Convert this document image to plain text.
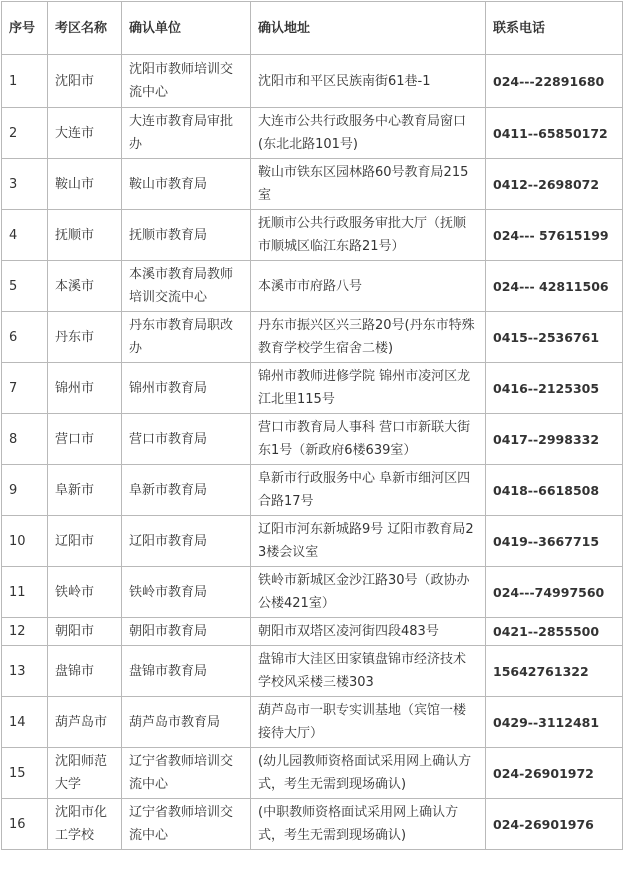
序号	考区名称	确认单位	确认地址	联系电话
1	沈阳市	沈阳市教师培训交流中心	沈阳市和平区民族南街61巷-1	024---22891680
2	大连市	大连市教育局审批办	大连市公共行政服务中心教育局窗口(东北北路101号)	0411--65850172
3	鞍山市	鞍山市教育局	鞍山市铁东区园林路60号教育局215室	0412--2698072
4	抚顺市	抚顺市教育局	抚顺市公共行政服务审批大厅（抚顺市顺城区临江东路21号）	024--- 57615199
5	本溪市	本溪市教育局教师培训交流中心	本溪市市府路八号	024--- 42811506
6	丹东市	丹东市教育局职改办	丹东市振兴区兴三路20号(丹东市特殊教育学校学生宿舍二楼)	0415--2536761
7	锦州市	锦州市教育局	锦州市教师进修学院 锦州市凌河区龙江北里115号	0416--2125305
8	营口市	营口市教育局	营口市教育局人事科 营口市新联大街东1号（新政府6楼639室）	0417--2998332
9	阜新市	阜新市教育局	阜新市行政服务中心 阜新市细河区四合路17号	0418--6618508
10	辽阳市	辽阳市教育局	辽阳市河东新城路9号 辽阳市教育局23楼会议室	0419--3667715
11	铁岭市	铁岭市教育局	铁岭市新城区金沙江路30号（政协办公楼421室）	024---74997560
12	朝阳市	朝阳市教育局	朝阳市双塔区凌河街四段483号	0421--2855500
13	盘锦市	盘锦市教育局	盘锦市大洼区田家镇盘锦市经济技术学校风采楼三楼303	15642761322
14	葫芦岛市	葫芦岛市教育局	葫芦岛市一职专实训基地（宾馆一楼接待大厅）	0429--3112481
15	沈阳师范大学	辽宁省教师培训交流中心	(幼儿园教师资格面试采用网上确认方式，考生无需到现场确认)	024-26901972
16	沈阳市化工学校	辽宁省教师培训交流中心	(中职教师资格面试采用网上确认方式，考生无需到现场确认)	024-26901976
